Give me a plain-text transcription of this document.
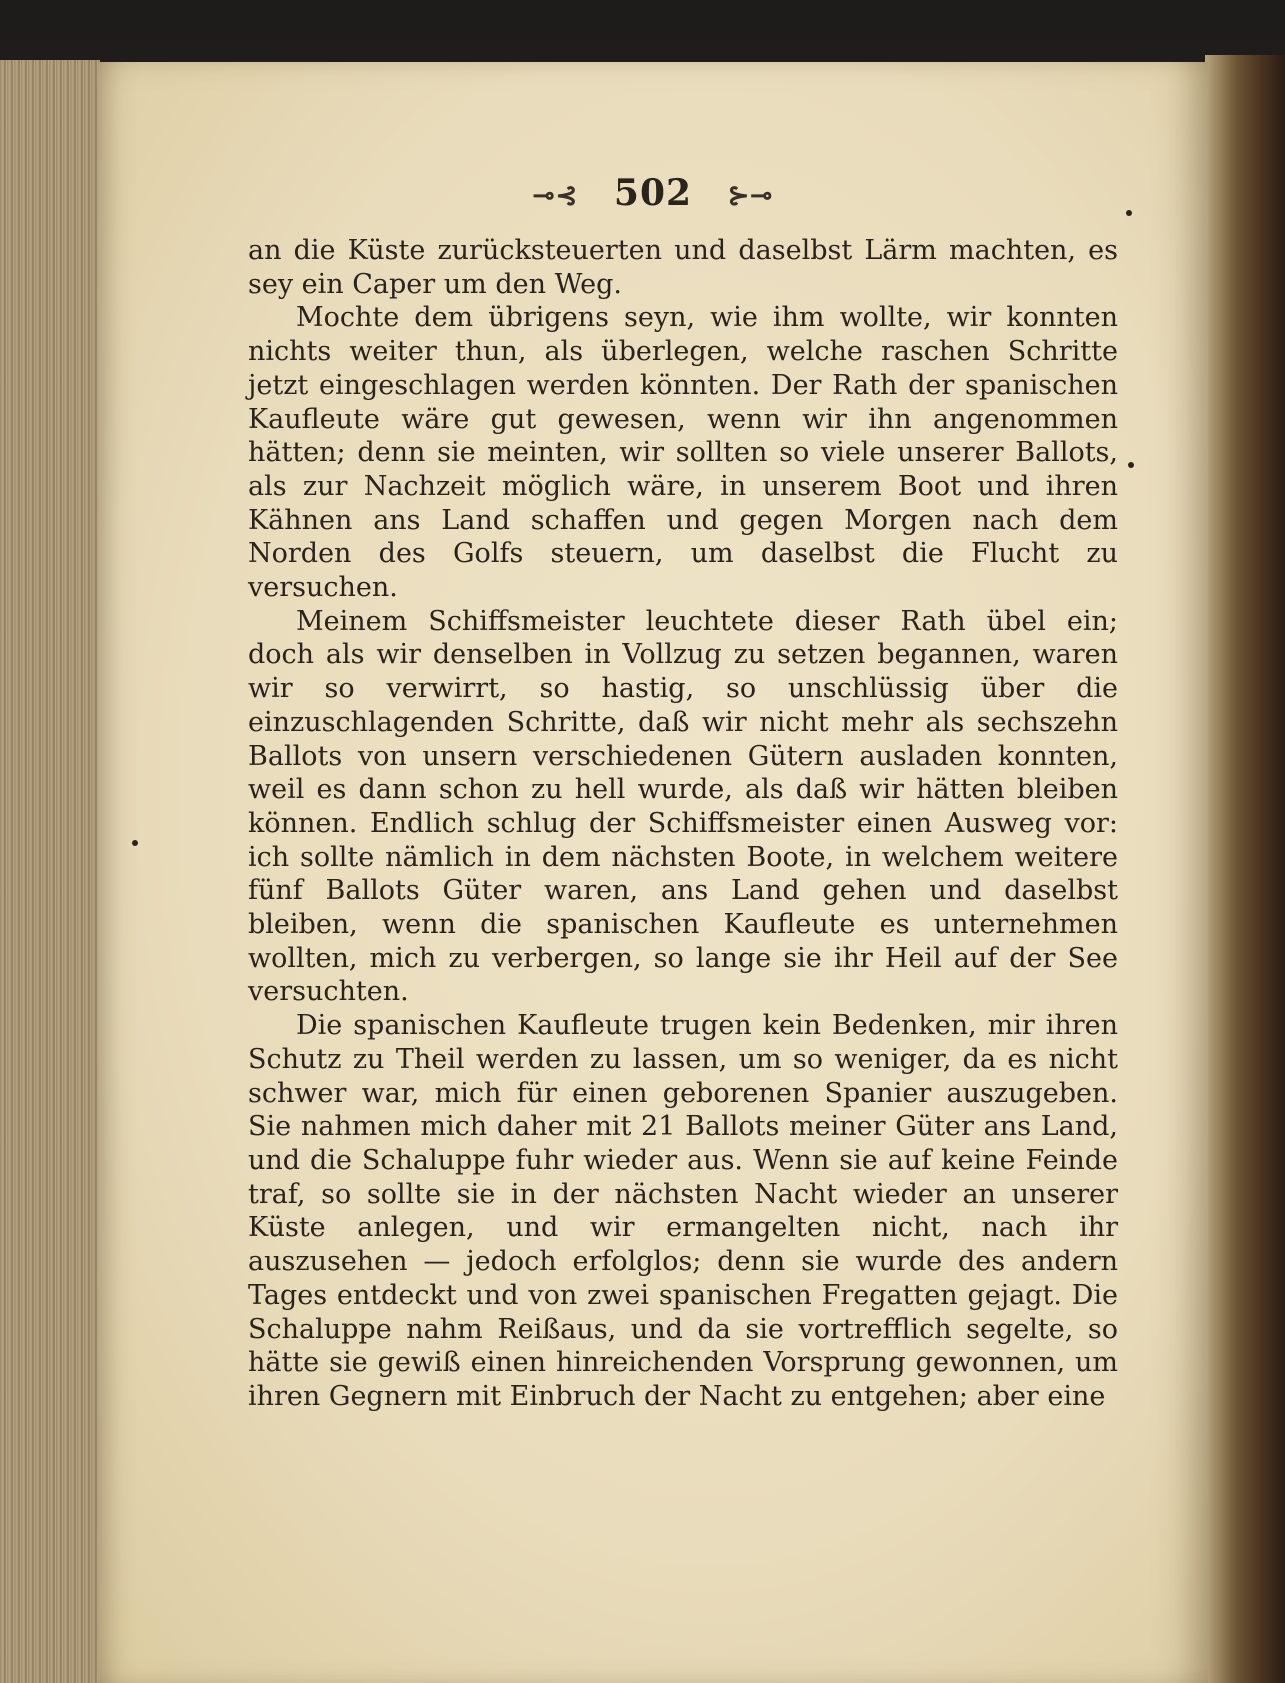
⊸⊰ 502 ⊱⊸

an die Küste zurücksteuerten und daselbst Lärm machten, es sey ein Caper um den Weg.

Mochte dem übrigens seyn, wie ihm wollte, wir konnten nichts weiter thun, als überlegen, welche raschen Schritte jetzt eingeschlagen werden könnten. Der Rath der spanischen Kaufleute wäre gut gewesen, wenn wir ihn angenommen hätten; denn sie meinten, wir sollten so viele unserer Ballots, als zur Nachzeit möglich wäre, in unserem Boot und ihren Kähnen ans Land schaffen und gegen Morgen nach dem Norden des Golfs steuern, um daselbst die Flucht zu versuchen.

Meinem Schiffsmeister leuchtete dieser Rath übel ein; doch als wir denselben in Vollzug zu setzen begannen, waren wir so verwirrt, so hastig, so unschlüssig über die einzuschlagenden Schritte, daß wir nicht mehr als sechszehn Ballots von unsern verschiedenen Gütern ausladen konnten, weil es dann schon zu hell wurde, als daß wir hätten bleiben können. Endlich schlug der Schiffsmeister einen Ausweg vor: ich sollte nämlich in dem nächsten Boote, in welchem weitere fünf Ballots Güter waren, ans Land gehen und daselbst bleiben, wenn die spanischen Kaufleute es unternehmen wollten, mich zu verbergen, so lange sie ihr Heil auf der See versuchten.

Die spanischen Kaufleute trugen kein Bedenken, mir ihren Schutz zu Theil werden zu lassen, um so weniger, da es nicht schwer war, mich für einen geborenen Spanier auszugeben. Sie nahmen mich daher mit 21 Ballots meiner Güter ans Land, und die Schaluppe fuhr wieder aus. Wenn sie auf keine Feinde traf, so sollte sie in der nächsten Nacht wieder an unserer Küste anlegen, und wir ermangelten nicht, nach ihr auszusehen — jedoch erfolglos; denn sie wurde des andern Tages entdeckt und von zwei spanischen Fregatten gejagt. Die Schaluppe nahm Reißaus, und da sie vortrefflich segelte, so hätte sie gewiß einen hinreichenden Vorsprung gewonnen, um ihren Gegnern mit Einbruch der Nacht zu entgehen; aber eine
